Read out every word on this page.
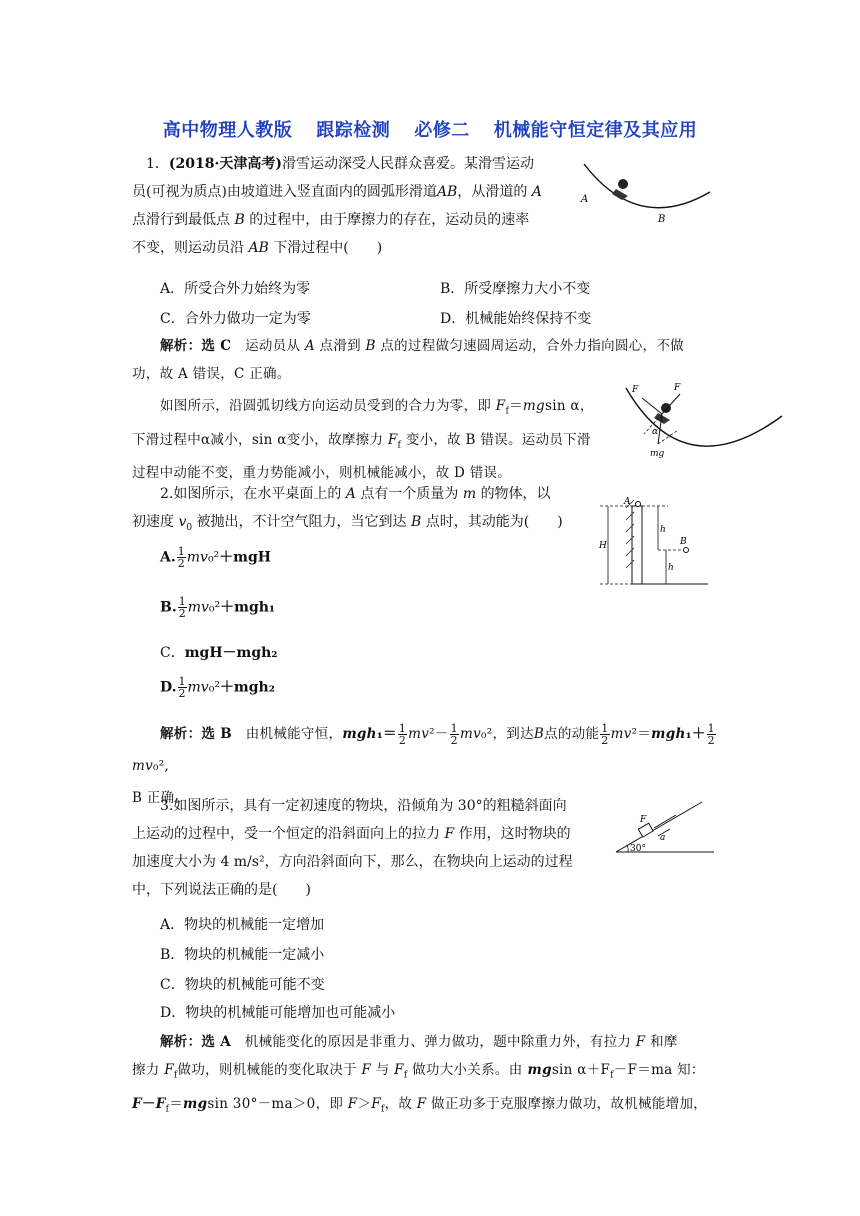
高中物理人教版 跟踪检测 必修二 机械能守恒定律及其应用
1．(2018·天津高考)滑雪运动深受人民群众喜爱。某滑雪运动
员(可视为质点)由坡道进入竖直面内的圆弧形滑道AB，从滑道的 A
点滑行到最低点 B 的过程中，由于摩擦力的存在，运动员的速率
不变，则运动员沿 AB 下滑过程中(　　)
A
B
A．所受合外力始终为零	B．所受摩擦力大小不变
C．合外力做功一定为零	D．机械能始终保持不变
解析：选 C　 运动员从 A 点滑到 B 点的过程做匀速圆周运动，合外力指向圆心，不做
功，故 A 错误，C 正确。
如图所示，沿圆弧切线方向运动员受到的合力为零，即 $F_f=mgsin$ α，
下滑过程中α减小，sin α变小，故摩擦力 $F_f$ 变小，故 B 错误。运动员下滑
过程中动能不变，重力势能减小，则机械能减小，故 D 错误。
F	F
α
mg
2.如图所示，在水平桌面上的 A 点有一个质量为 m 的物体，以
初速度 $v_0$ 被抛出，不计空气阻力，当它到达 B 点时，其动能为(　　)
A
B
H
h
h
A. $\frac{1}{2} mv_0^2+mgH$
B. $\frac{1}{2} mv_0^2+mgh_1$
C．mgH－mgh₂
D. $\frac{1}{2} mv_0^2+mgh_2$
解析：选 B　 由机械能守恒，$mgh_1= \frac{1}{2} mv^2- \frac{1}{2} mv_0^2$，到达B点的动能 $\frac{1}{2} mv^2=mgh_1+ \frac{1}{2}$
mv₀²,
B 正确。
3.如图所示，具有一定初速度的物块，沿倾角为 30°的粗糙斜面向
上运动的过程中，受一个恒定的沿斜面向上的拉力 F 作用，这时物块的
加速度大小为 4 m/s²，方向沿斜面向下，那么，在物块向上运动的过程
中，下列说法正确的是(　　)
F
a
30°
A．物块的机械能一定增加
B．物块的机械能一定减小
C．物块的机械能可能不变
D．物块的机械能可能增加也可能减小
解析：选 A　 机械能变化的原因是非重力、弹力做功，题中除重力外，有拉力 F 和摩
擦力 $F_f$做功，则机械能的变化取决于 F 与 $F_f$ 做功大小关系。由 mgsin $\alpha+F_f-F=ma$ 知：
$F-F_f=mgsin$ 30°－ma＞0，即 $F>F_f$，故 F 做正功多于克服摩擦力做功，故机械能增加，
